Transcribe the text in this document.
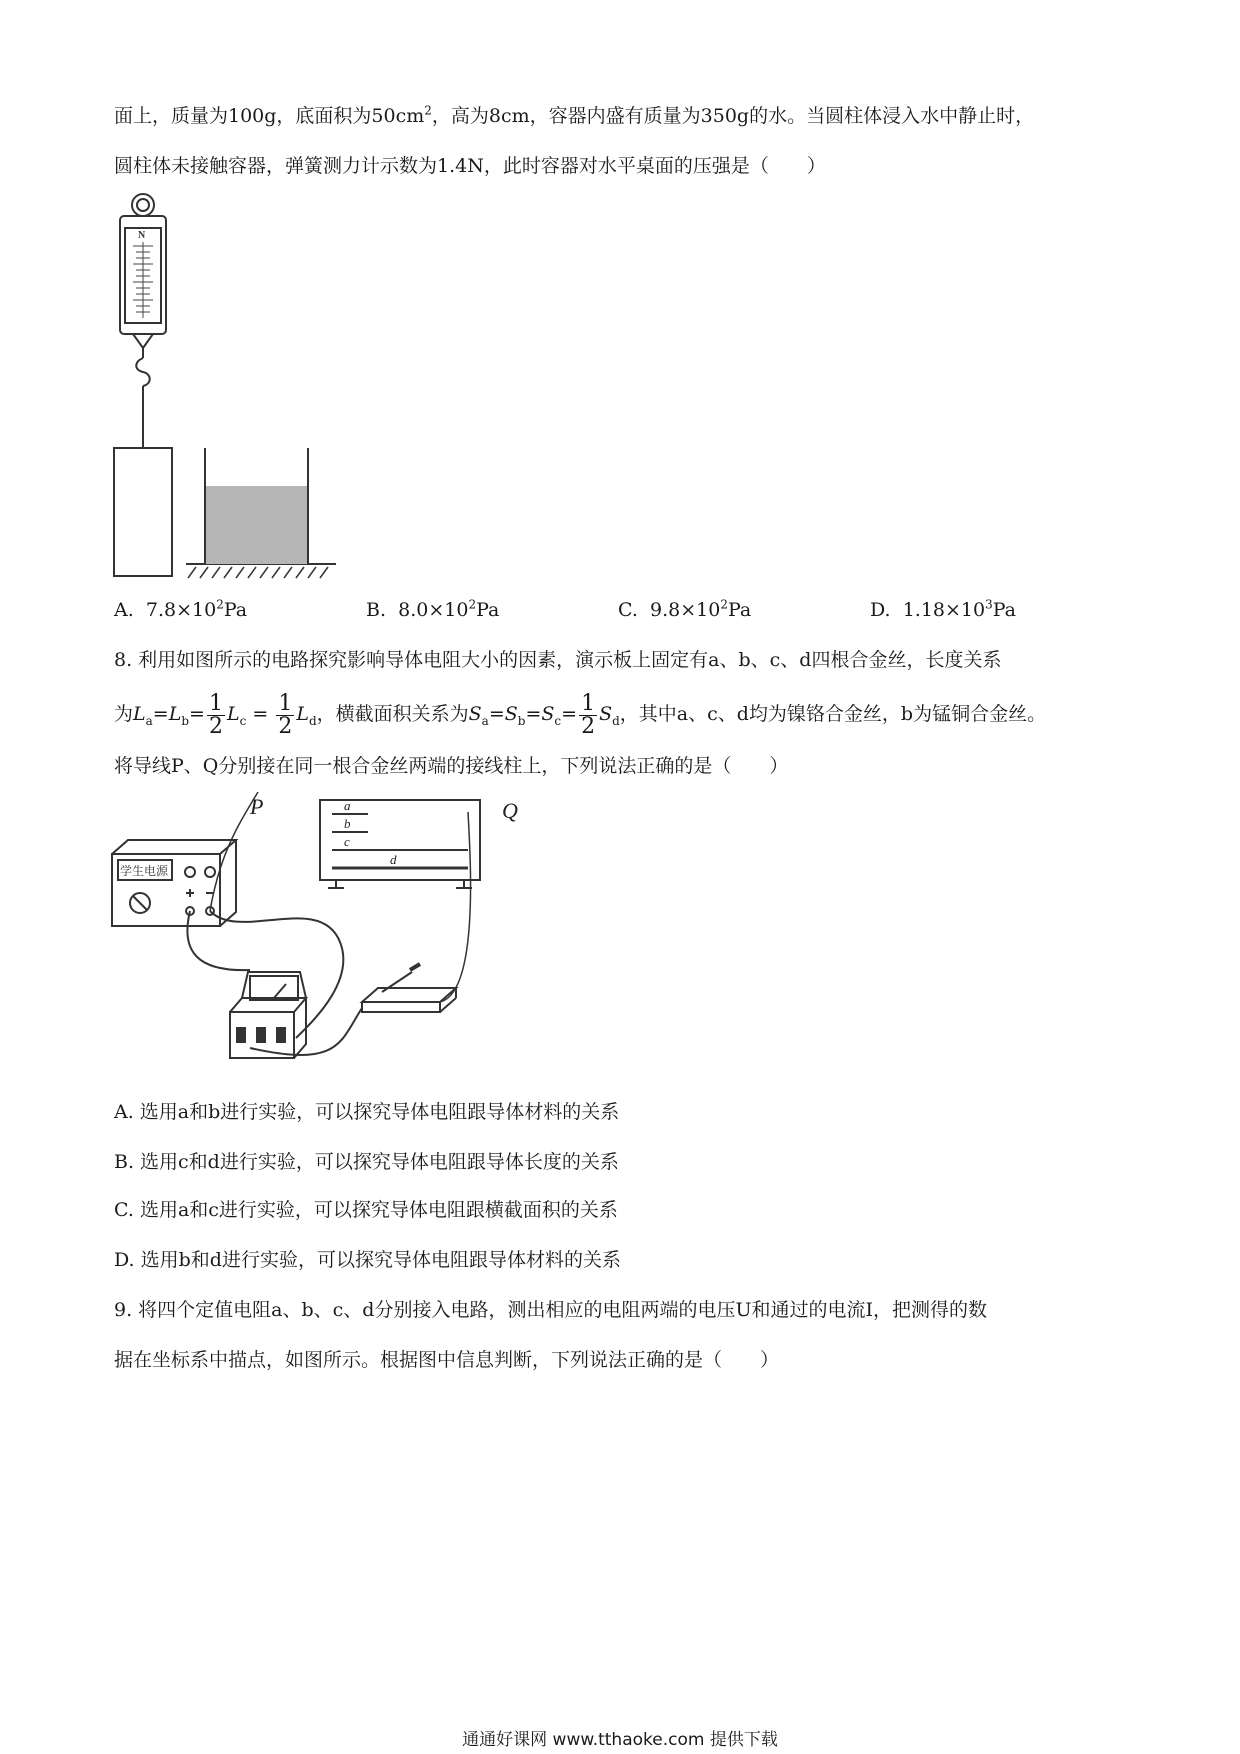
面上，质量为100g，底面积为$50cm^2$，高为8cm，容器内盛有质量为350g的水。当圆柱体浸入水中静止时，
圆柱体未接触容器，弹簧测力计示数为1.4N，此时容器对水平桌面的压强是（　　）
N
A. $7.8\times 10^2Pa$	B. $8.0\times 10^2Pa$	C. $9.8\times 10^2Pa$	D. $1.18\times 10^3Pa$
8. 利用如图所示的电路探究影响导体电阻大小的因素，演示板上固定有a、b、c、d四根合金丝，长度关系
为$L_a=L_b= \frac{1}{2} L_c = \frac{1}{2} L_d$，横截面积关系为$S_a=S_b=S_c= \frac{1}{2} S_d$，其中a、c、d均为镍铬合金丝，b为锰铜合金丝。
将导线P、Q分别接在同一根合金丝两端的接线柱上，下列说法正确的是（　　）
学生电源
P	Q
a
b
c
d
A. 选用a和b进行实验，可以探究导体电阻跟导体材料的关系
B. 选用c和d进行实验，可以探究导体电阻跟导体长度的关系
C. 选用a和c进行实验，可以探究导体电阻跟横截面积的关系
D. 选用b和d进行实验，可以探究导体电阻跟导体材料的关系
9. 将四个定值电阻a、b、c、d分别接入电路，测出相应的电阻两端的电压U和通过的电流I，把测得的数
据在坐标系中描点，如图所示。根据图中信息判断，下列说法正确的是（　　）
通通好课网 www.tthaoke.com 提供下载
